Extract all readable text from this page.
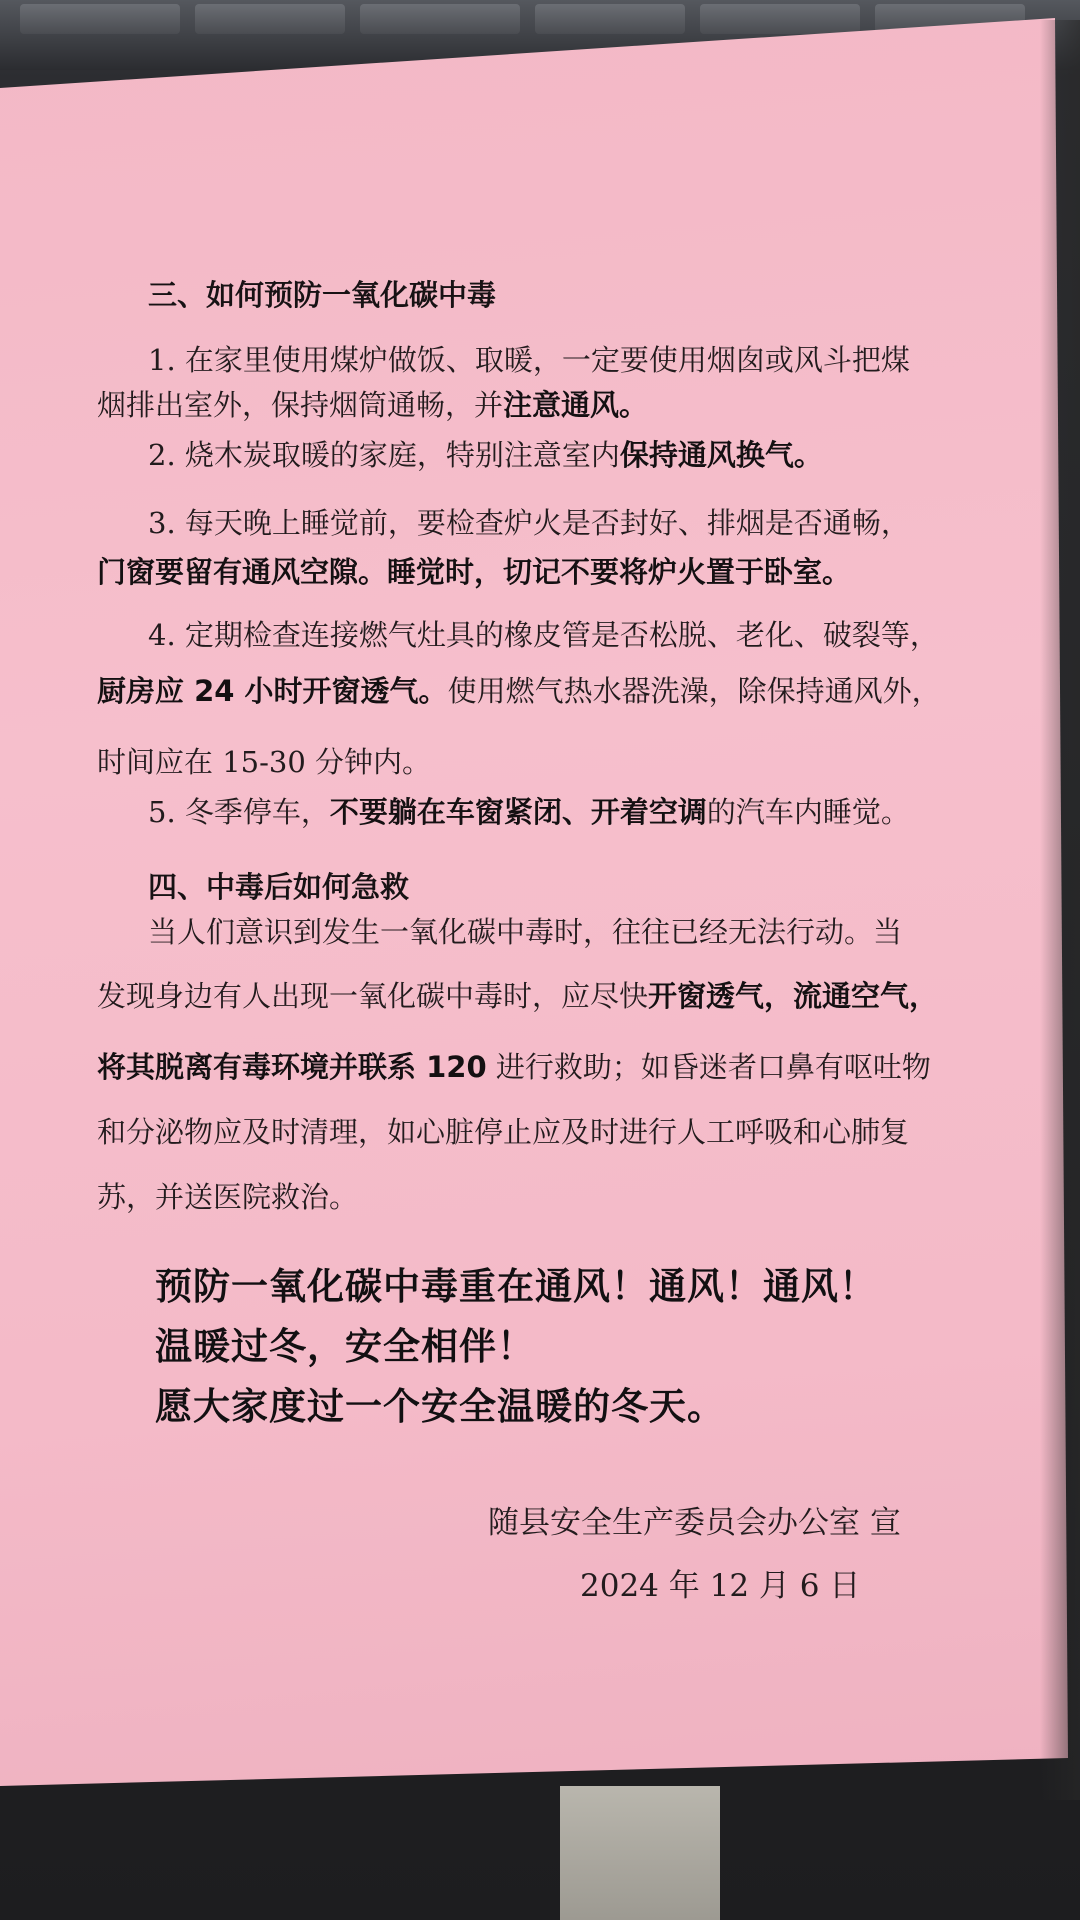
三、如何预防一氧化碳中毒
1. 在家里使用煤炉做饭、取暖，一定要使用烟囱或风斗把煤
烟排出室外，保持烟筒通畅，并注意通风。
2. 烧木炭取暖的家庭，特别注意室内保持通风换气。
3. 每天晚上睡觉前，要检查炉火是否封好、排烟是否通畅，
门窗要留有通风空隙。睡觉时，切记不要将炉火置于卧室。
4. 定期检查连接燃气灶具的橡皮管是否松脱、老化、破裂等，
厨房应 24 小时开窗透气。使用燃气热水器洗澡，除保持通风外，
时间应在 15-30 分钟内。
5. 冬季停车，不要躺在车窗紧闭、开着空调的汽车内睡觉。
四、中毒后如何急救
当人们意识到发生一氧化碳中毒时，往往已经无法行动。当
发现身边有人出现一氧化碳中毒时，应尽快开窗透气，流通空气，
将其脱离有毒环境并联系 120 进行救助；如昏迷者口鼻有呕吐物
和分泌物应及时清理，如心脏停止应及时进行人工呼吸和心肺复
苏，并送医院救治。
预防一氧化碳中毒重在通风！通风！通风！
温暖过冬，安全相伴！
愿大家度过一个安全温暖的冬天。
随县安全生产委员会办公室 宣
2024 年 12 月 6 日
